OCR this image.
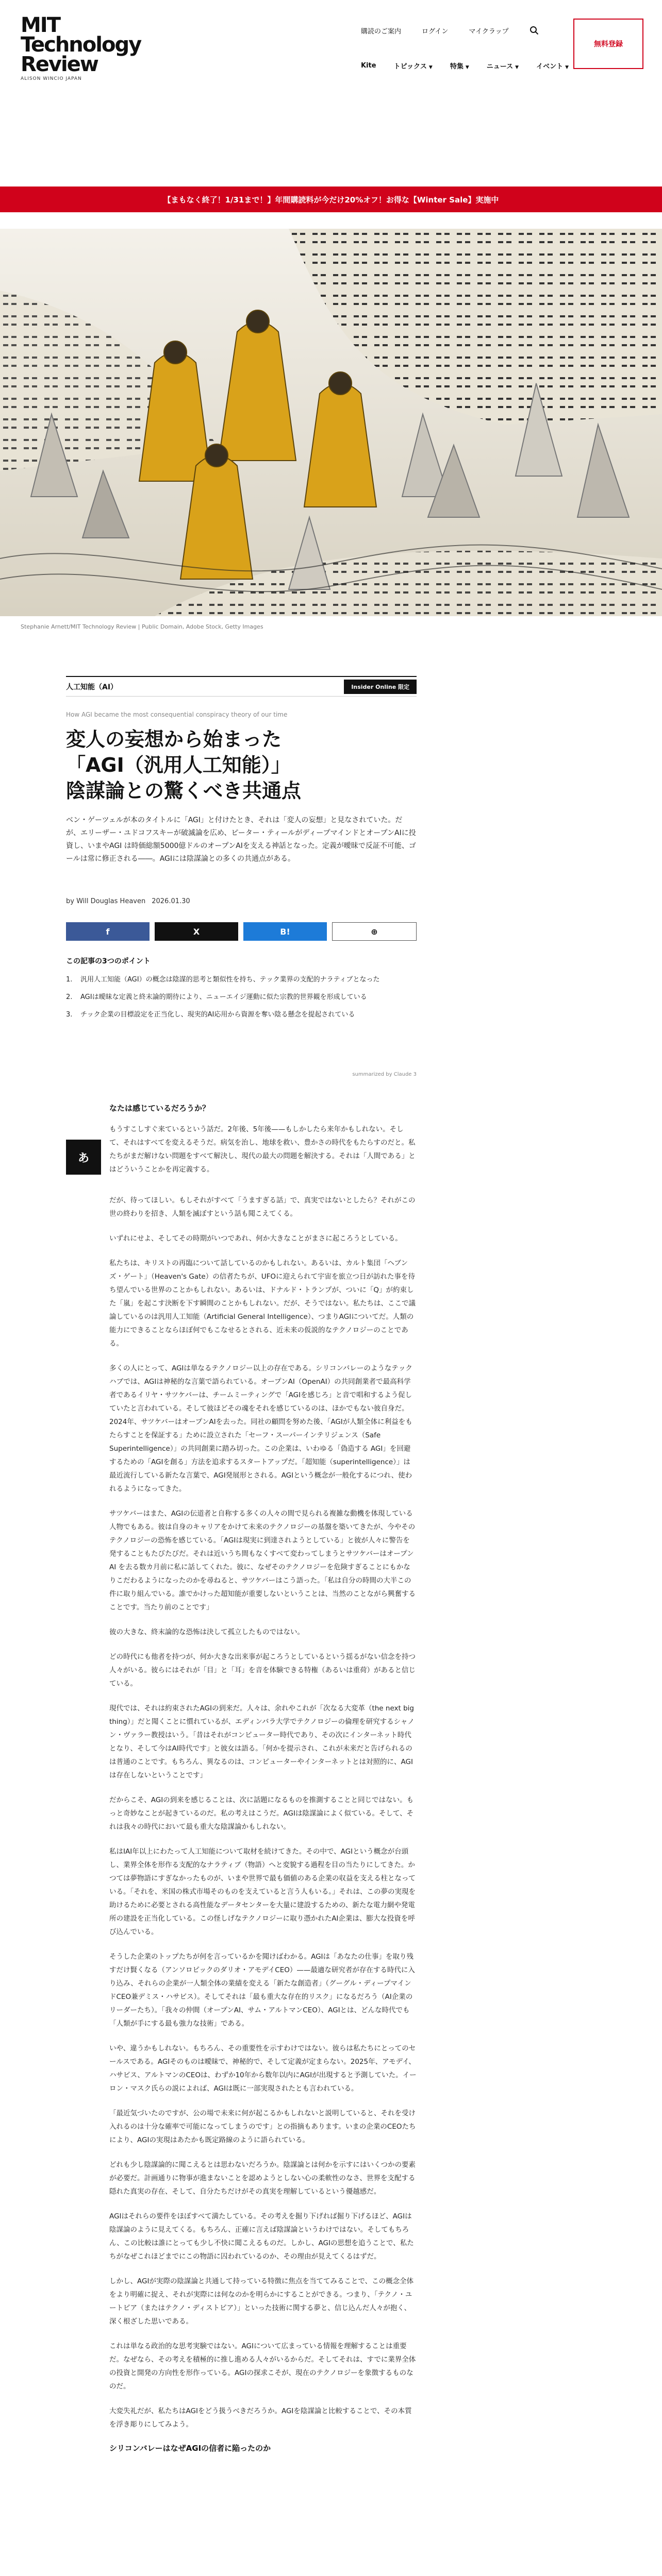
MIT
Technology
Review
ALISON WINCIO JAPAN
購読のご案内	ログイン	マイクラップ
無料登録
Kite	トピックス ▼	特集 ▼	ニュース ▼	イベント ▼
【まもなく終了！1/31まで！】年間購読料が今だけ20%オフ！お得な【Winter Sale】実施中
Stephanie Arnett/MIT Technology Review | Public Domain, Adobe Stock, Getty Images
人工知能（AI）	Insider Online 限定
How AGI became the most consequential conspiracy theory of our time
変人の妄想から始まった
「AGI（汎用人工知能）」
陰謀論との驚くべき共通点

ベン・ゲーツェルが本のタイトルに「AGI」と付けたとき、それは「変人の妄想」と見なされていた。だが、エリーザー・ユドコフスキーが破滅論を広め、ピーター・ティールがディープマインドとオープンAIに投資し、いまやAGI は時価総額5000億ドルのオープンAIを支える神話となった。定義が曖昧で反証不可能、ゴールは常に修正される――。AGIには陰謀論との多くの共通点がある。

by Will Douglas Heaven 2026.01.30
f	X	B!	⊕
この記事の3つのポイント
1. 汎用人工知能（AGI）の概念は陰謀的思考と類似性を持ち、テック業界の支配的ナラティブとなった
2. AGIは曖昧な定義と終末論的期待により、ニューエイジ運動に似た宗教的世界観を形成している
3. チック企業の目標設定を正当化し、現実的AI応用から資源を奪い陰る懸念を提起されている
summarized by Claude 3
あ
なたは感じているだろうか？

もうすこしすぐ来ているという話だ。2年後、5年後——もしかしたら来年かもしれない。そして、それはすべてを変えるそうだ。病気を治し、地球を救い、豊かさの時代をもたらすのだと。私たちがまだ解けない問題をすべて解決し、現代の最大の問題を解決する。それは「人間である」とはどういうことかを再定義する。

だが、待ってほしい。もしそれがすべて「うますぎる話」で、真実ではないとしたら？それがこの世の終わりを招き、人類を滅ぼすという話も聞こえてくる。

いずれにせよ、そしてその時期がいつであれ、何か大きなことがまさに起ころうとしている。

私たちは、キリストの再臨について話しているのかもしれない。あるいは、カルト集団「ヘブンズ・ゲート」（Heaven's Gate）の信者たちが、UFOに迎えられて宇宙を旅立つ日が訪れた事を待ち望んでいる世界のことかもしれない。あるいは、ドナルド・トランプが、ついに「Q」が約束した「嵐」を起こす決断を下す瞬間のことかもしれない。だが、そうではない。私たちは、ここで議論しているのは汎用人工知能（Artificial General Intelligence）、つまりAGIについてだ。人類の能力にできることならほぼ何でもこなせるとされる、近未来の仮説的なテクノロジーのことである。

多くの人にとって、AGIは単なるテクノロジー以上の存在である。シリコンバレーのようなテックハブでは、AGIは神秘的な言葉で語られている。オープンAI（OpenAI）の共同創業者で最高科学者であるイリヤ・サツケバーは、チームミーティングで「AGIを感じろ」と音で唱和するよう促していたと言われている。そして彼ほどその魂をそれを感じているのは、ほかでもない彼自身だ。2024年、サツケバーはオープンAIを去った。同社の顧問を努めた後、「AGIが人類全体に利益をもたらすことを保証する」ために設立された「セーフ・スーパーインテリジェンス（Safe Superintelligence）」の共同創業に踏み切った。この企業は、いわゆる「偽造する AGI」を回避するための「AGIを創る」方法を追求するスタートアップだ。「超知能（superintelligence）」は最近流行している新たな言葉で、AGI発展形とされる。AGIという概念が一般化するにつれ、使われるようになってきた。

サツケバーはまた、AGIの伝道者と自称する多くの人々の間で見られる複雑な動機を体現している人物でもある。彼は自身のキャリアをかけて未来のテクノロジーの基盤を築いてきたが、今やそのテクノロジーの恐怖を感じている。「AGIは現実に到達されようとしている」と彼が人々に警告を発することもたびたびだ。それは近いうち間もなくすべて変わってしまうとサツケバーはオープンAI を去る数カ月前に私に話してくれた。彼に、なぜそのテクノロジーを危険すぎることにもかなりこだわるようになったのかを尋ねると、サツケバーはこう語った。「私は自分の時間の大半この件に取り組んでいる。誰でかけった超知能が重要しないということは、当然のことながら興奮することです。当たり前のことです」

彼の大きな、終末論的な恐怖は決して孤立したものではない。

どの時代にも他者を持つが、何か大きな出来事が起ころうとしているという揺るがない信念を持つ人々がいる。彼らにはそれが「目」と「耳」を音を体験できる特権（あるいは重荷）があると信じている。

現代では、それは約束されたAGIの到来だ。人々は、余れやこれが「次なる大変革（the next big thing）」だと聞くことに慣れているが、エディンバラ大学でテクノロジーの倫理を研究するシャノン・ヴァラー教授はいう。「昔はそれがコンピューター時代であり、その次にインターネット時代となり、そして今はAI時代です」と彼女は語る。「何かを提示され、これが未来だと告げられるのは普通のことです。もちろん、異なるのは、コンピューターやインターネットとは対照的に、AGIは存在しないということです」

だからこそ、AGIの到来を感じることは、次に話題になるものを推測することと同じではない。もっと奇妙なことが起きているのだ。私の考えはこうだ。AGIは陰謀論によく似ている。そして、それは我々の時代において最も重大な陰謀論かもしれない。

私はIAI年以上にわたって人工知能について取材を続けてきた。その中で、AGIという概念が台頭し、業界全体を形作る支配的なナラティブ（物語）へと変貌する過程を目の当たりにしてきた。かつては夢物語にすぎなかったものが、いまや世界で最も価値のある企業の収益を支える柱となっている。「それを、米国の株式市場そのものを支えていると言う人もいる。」それは、この夢の実現を助けるために必要とされる高性能なデータセンターを大量に建設するための、新たな電力網や発電所の建設を正当化している。この怪しげなテクノロジーに取り憑かれたAI企業は、膨大な投資を呼び込んでいる。

そうした企業のトップたちが何を言っているかを聞けばわかる。AGIは「あなたの仕事」を取り残すだけ賢くなる（アンソロピックのダリオ・アモデイCEO）——最適な研究者が存在する時代に入り込み、それらの企業が一人類全体の業績を変える「新たな創造者」（グーグル・ディープマインドCEO兼デミス・ハサビス）。そしてそれは「最も重大な存在的リスク」になるだろう（AI企業のリーダーたち）。「我々の仲間（オープンAI、サム・アルトマンCEO）、AGIとは、どんな時代でも「人類が手にする最も強力な技術」である。

いや、違うかもしれない。もちろん、その重要性を示すわけではない。彼らは私たちにとってのセールスである。AGIそのものは曖昧で、神秘的で、そして定義が定まらない。2025年、アモデイ、ハサビス、アルトマンのCEOは、わずか10年から数年以内にAGIが出現すると予測していた。イーロン・マスク氏らの説によれば、AGIは既に一部実現されたとも言われている。

「最近気づいたのですが、公の場で未来に何が起こるかもしれないと説明していると、それを受け入れるのは十分な確率で可能になってしまうのです」との指摘もあります。いまの企業のCEOたちにより、AGIの実現はあたかも既定路線のように語られている。

どれも少し陰謀論的に聞こえるとは思わないだろうか。陰謀論とは何かを示すにはいくつかの要素が必要だ。計画通りに物事が進まないことを認めようとしない心の柔軟性のなさ、世界を支配する隠れた真実の存在、そして、自分たちだけがその真実を理解しているという優越感だ。

AGIはそれらの要件をほぼすべて満たしている。その考えを掘り下げれば掘り下げるほど、AGIは陰謀論のように見えてくる。もちろん、正確に言えば陰謀論というわけではない。そしてもちろん、この比較は誰にとっても少し不快に聞こえるものだ。しかし、AGIの思想を追うことで、私たちがなぜこれほどまでにこの物語に囚われているのか、その理由が見えてくるはずだ。

しかし、AGIが実際の陰謀論と共通して持っている特徴に焦点を当ててみることで、この概念全体をより明確に捉え、それが実際には何なのかを明らかにすることができる。つまり、「テクノ・ユートピア（またはテクノ・ディストピア）」といった技術に関する夢と、信じ込んだ人々が抱く、深く根ざした思いである。

これは単なる政治的な思考実験ではない。AGIについて広まっている情報を理解することは重要だ。なぜなら、その考えを積極的に推し進める人々がいるからだ。そしてそれは、すでに業界全体の投資と開発の方向性を形作っている。AGIの探求こそが、現在のテクノロジーを象徴するものなのだ。

大変失礼だが、私たちはAGIをどう扱うべきだろうか。AGIを陰謀論と比較することで、その本質を浮き彫りにしてみよう。

シリコンバレーはなぜAGIの信者に陥ったのか
